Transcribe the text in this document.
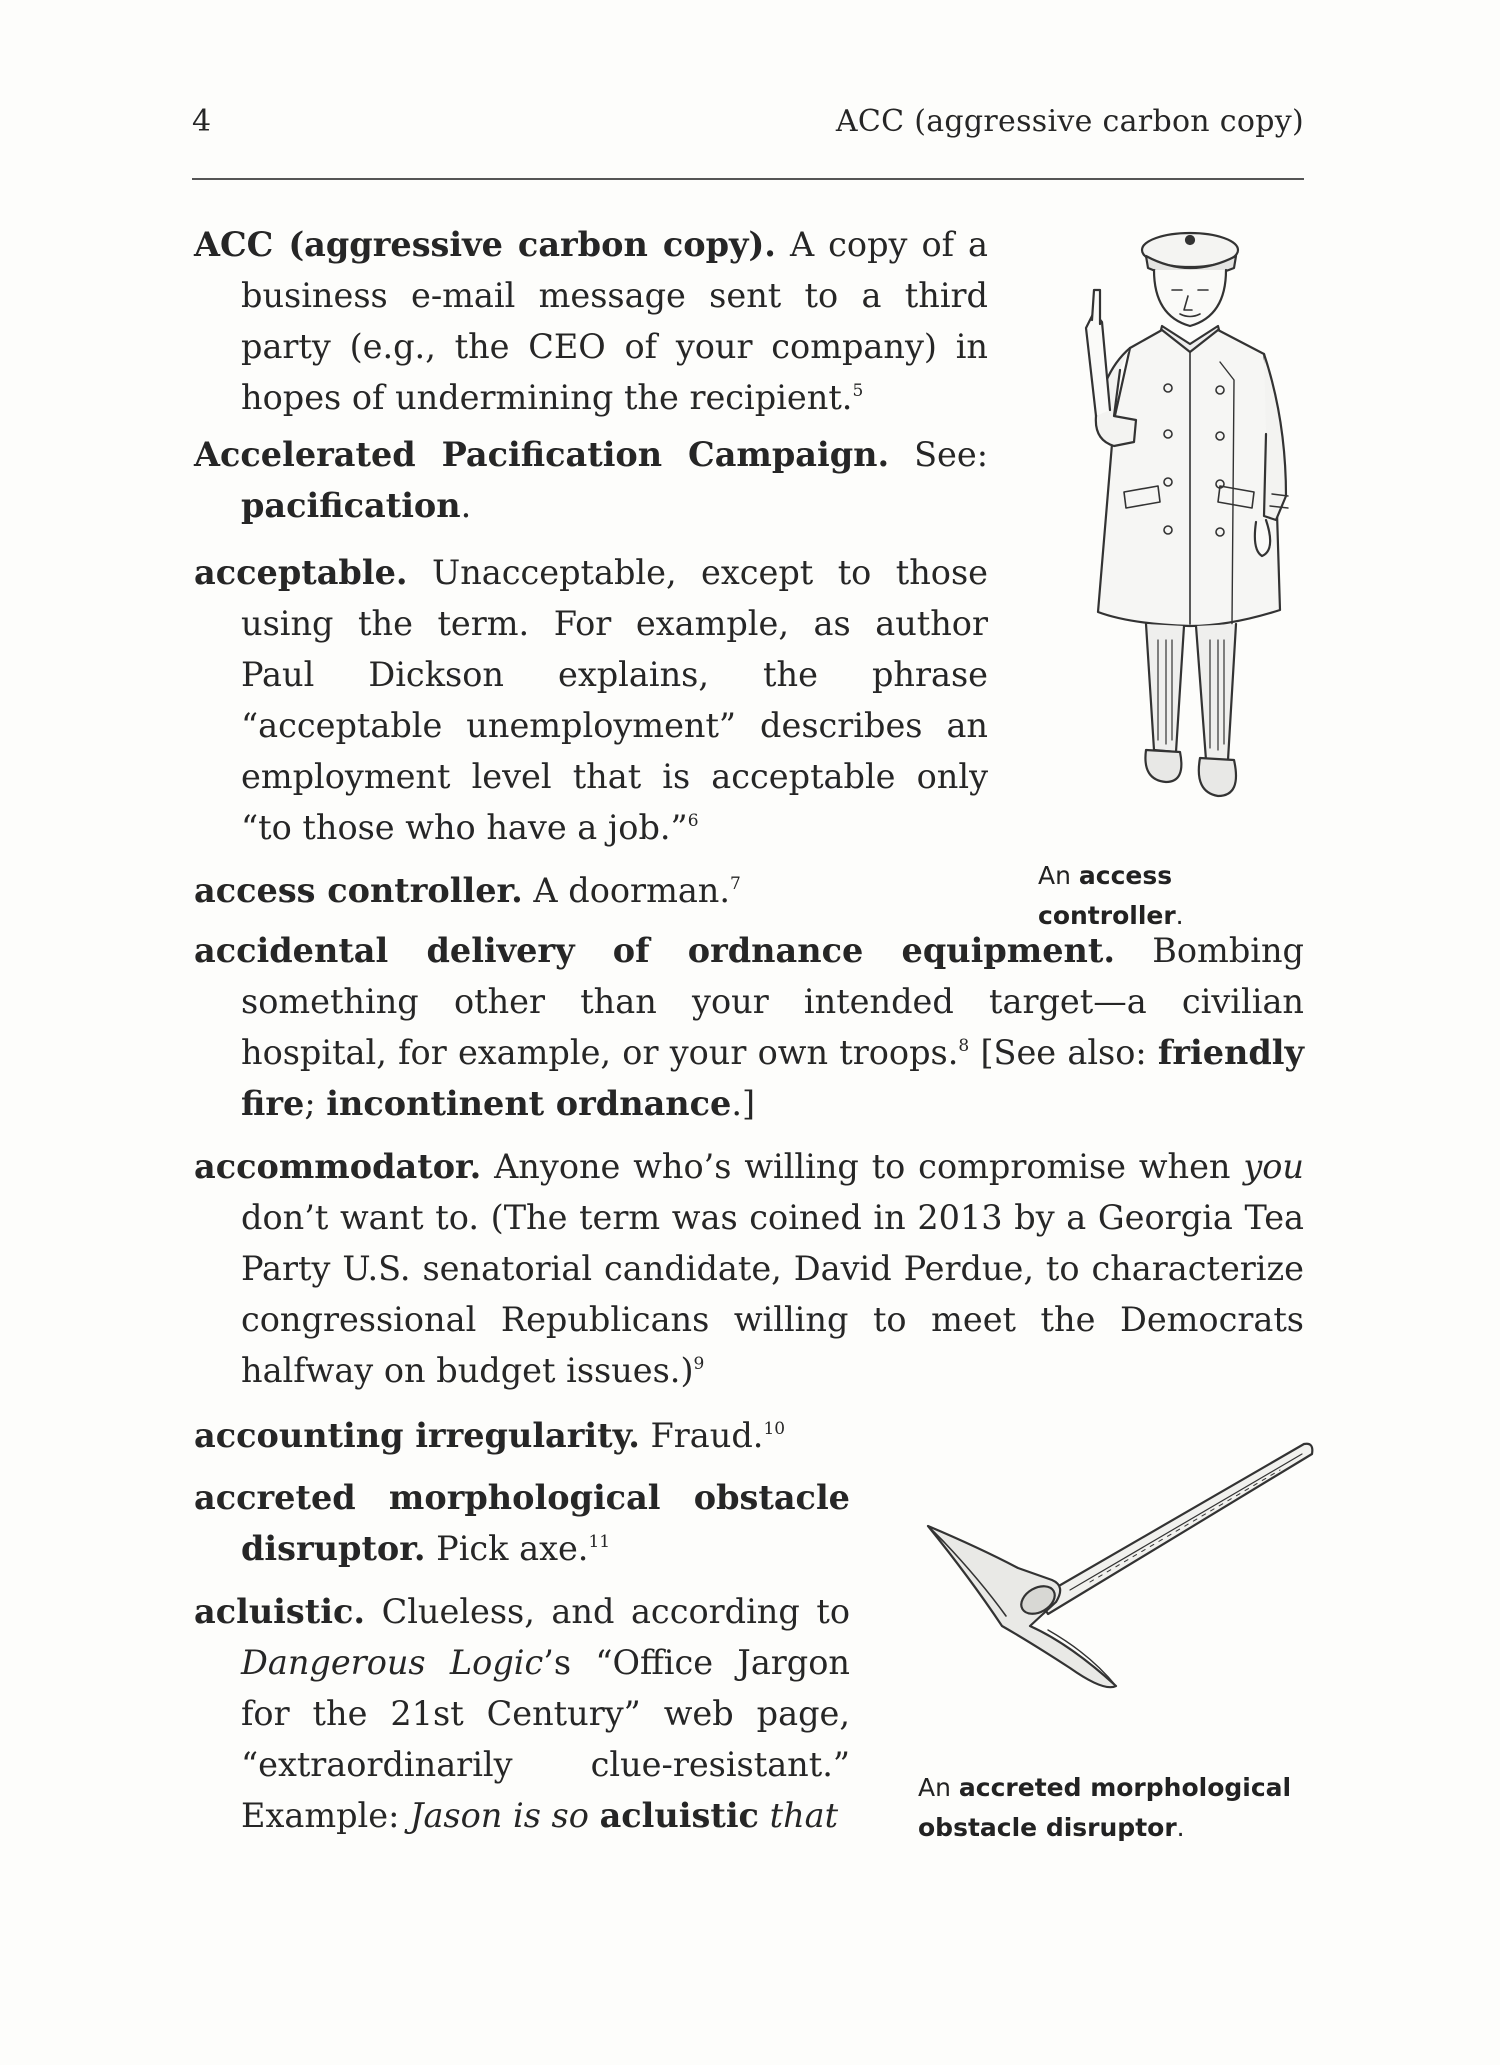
4	ACC (aggressive carbon copy)
ACC (aggressive carbon copy). A copy of a business e-mail message sent to a third party (e.g., the CEO of your company) in hopes of undermining the recipient.$^5$
Accelerated Pacification Campaign. See: pacification.
acceptable. Unacceptable, except to those using the term. For example, as author Paul Dickson explains, the phrase “acceptable unemployment” describes an employment level that is acceptable only “to those who have a job.”$^6$
access controller. A doorman.$^7$
accidental delivery of ordnance equipment. Bombing something other than your intended target—a civilian hospital, for example, or your own troops.$^8$ [See also: friendly fire; incontinent ordnance.]
accommodator. Anyone who’s willing to compromise when you don’t want to. (The term was coined in 2013 by a Georgia Tea Party U.S. senatorial candidate, David Perdue, to characterize congressional Republicans willing to meet the Democrats halfway on budget issues.)$^9$
accounting irregularity. Fraud.$^{10}$
accreted morphological obstacle disruptor. Pick axe.$^{11}$
acluistic. Clueless, and according to Dangerous Logic’s “Office Jargon for the 21st Century” web page, “extraordinarily clue-resistant.” Example: Jason is so acluistic that
An access controller.
An accreted morphological obstacle disruptor.
